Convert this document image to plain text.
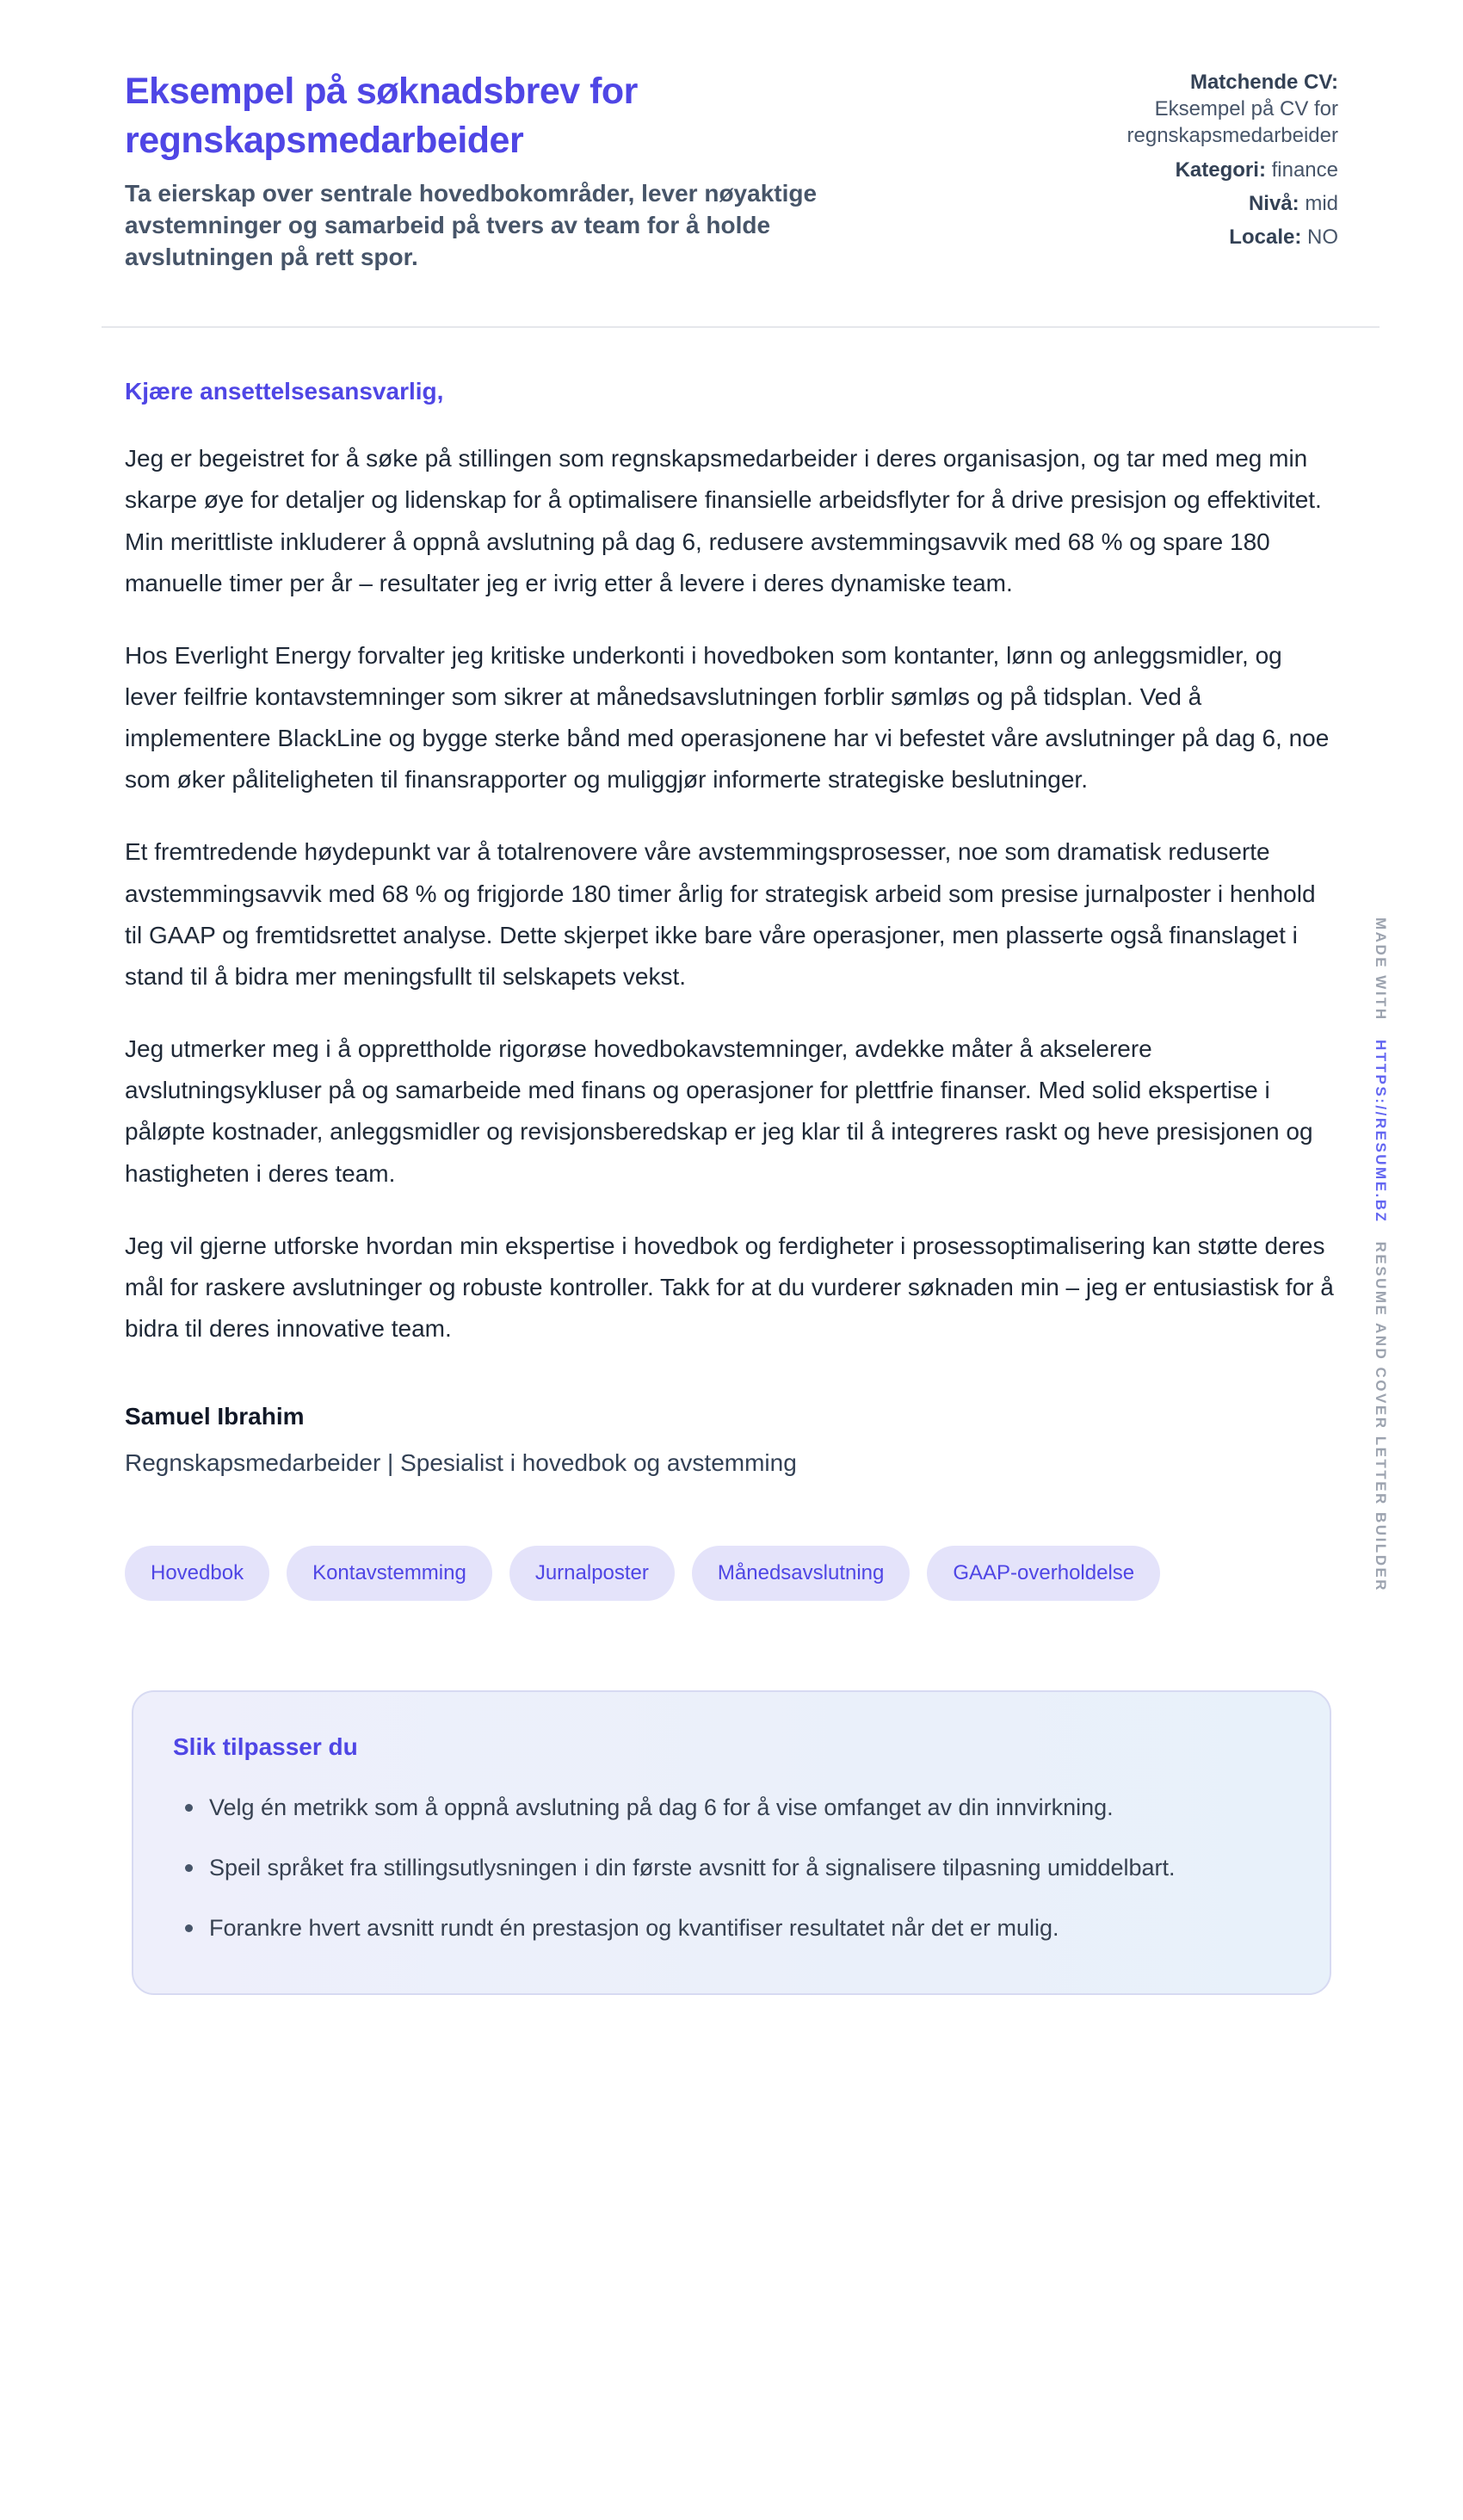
Eksempel på søknadsbrev for regnskapsmedarbeider

Ta eierskap over sentrale hovedbokområder, lever nøyaktige avstemninger og samarbeid på tvers av team for å holde avslutningen på rett spor.

Matchende CV:
Eksempel på CV for regnskapsmedarbeider
Kategori: finance
Nivå: mid
Locale: NO

Kjære ansettelsesansvarlig,

Jeg er begeistret for å søke på stillingen som regnskapsmedarbeider i deres organisasjon, og tar med meg min skarpe øye for detaljer og lidenskap for å optimalisere finansielle arbeidsflyter for å drive presisjon og effektivitet. Min merittliste inkluderer å oppnå avslutning på dag 6, redusere avstemmingsavvik med 68 % og spare 180 manuelle timer per år – resultater jeg er ivrig etter å levere i deres dynamiske team.

Hos Everlight Energy forvalter jeg kritiske underkonti i hovedboken som kontanter, lønn og anleggsmidler, og lever feilfrie kontavstemninger som sikrer at månedsavslutningen forblir sømløs og på tidsplan. Ved å implementere BlackLine og bygge sterke bånd med operasjonene har vi befestet våre avslutninger på dag 6, noe som øker påliteligheten til finansrapporter og muliggjør informerte strategiske beslutninger.

Et fremtredende høydepunkt var å totalrenovere våre avstemmingsprosesser, noe som dramatisk reduserte avstemmingsavvik med 68 % og frigjorde 180 timer årlig for strategisk arbeid som presise jurnalposter i henhold til GAAP og fremtidsrettet analyse. Dette skjerpet ikke bare våre operasjoner, men plasserte også finanslaget i stand til å bidra mer meningsfullt til selskapets vekst.

Jeg utmerker meg i å opprettholde rigorøse hovedbokavstemninger, avdekke måter å akselerere avslutningsykluser på og samarbeide med finans og operasjoner for plettfrie finanser. Med solid ekspertise i påløpte kostnader, anleggsmidler og revisjonsberedskap er jeg klar til å integreres raskt og heve presisjonen og hastigheten i deres team.

Jeg vil gjerne utforske hvordan min ekspertise i hovedbok og ferdigheter i prosessoptimalisering kan støtte deres mål for raskere avslutninger og robuste kontroller. Takk for at du vurderer søknaden min – jeg er entusiastisk for å bidra til deres innovative team.

Samuel Ibrahim
Regnskapsmedarbeider | Spesialist i hovedbok og avstemming
Hovedbok	Kontavstemming	Jurnalposter	Månedsavslutning	GAAP-overholdelse
Slik tilpasser du
Velg én metrikk som å oppnå avslutning på dag 6 for å vise omfanget av din innvirkning.
Speil språket fra stillingsutlysningen i din første avsnitt for å signalisere tilpasning umiddelbart.
Forankre hvert avsnitt rundt én prestasjon og kvantifiser resultatet når det er mulig.
MADE WITH HTTPS://RESUME.BZ RESUME AND COVER LETTER BUILDER
